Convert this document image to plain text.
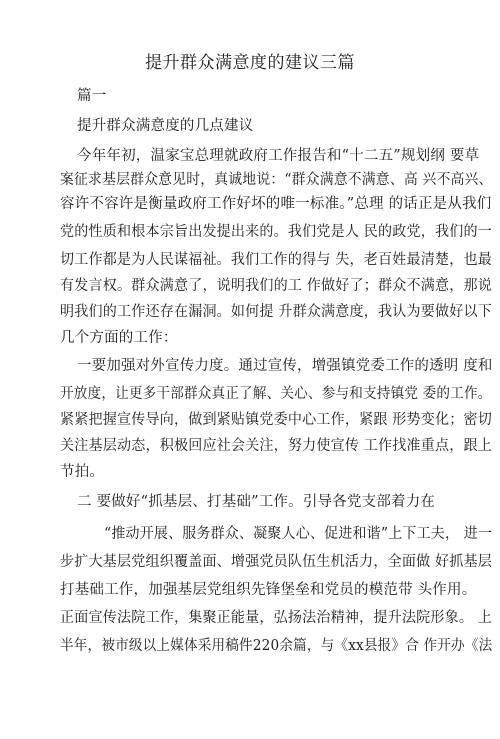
提升群众满意度的建议三篇
篇一
提升群众满意度的几点建议
今年年初，温家宝总理就政府工作报告和“十二五”规划纲 要草
案征求基层群众意见时，真诚地说：“群众满意不满意、高 兴不高兴、
容许不容许是衡量政府工作好坏的唯一标准。”总理 的话正是从我们
党的性质和根本宗旨出发提出来的。我们党是人 民的政党，我们的一
切工作都是为人民谋福祉。我们工作的得与 失，老百姓最清楚，也最
有发言权。群众满意了，说明我们的工 作做好了；群众不满意，那说
明我们的工作还存在漏洞。如何提 升群众满意度，我认为要做好以下
几个方面的工作：
一要加强对外宣传力度。通过宣传，增强镇党委工作的透明 度和
开放度，让更多干部群众真正了解、关心、参与和支持镇党 委的工作。
紧紧把握宣传导向，做到紧贴镇党委中心工作，紧跟 形势变化；密切
关注基层动态，积极回应社会关注，努力使宣传 工作找准重点，跟上
节拍。
二 要做好“抓基层、打基础”工作。引导各党支部着力在
“推动开展、服务群众、凝聚人心、促进和谐”上下工夫， 进一
步扩大基层党组织覆盖面、增强党员队伍生机活力，全面做 好抓基层
打基础工作，加强基层党组织先锋堡垒和党员的模范带 头作用。
正面宣传法院工作，集聚正能量，弘扬法治精神，提升法院形象。 上
半年，被市级以上媒体采用稿件220余篇，与《xx县报》合 作开办《法
